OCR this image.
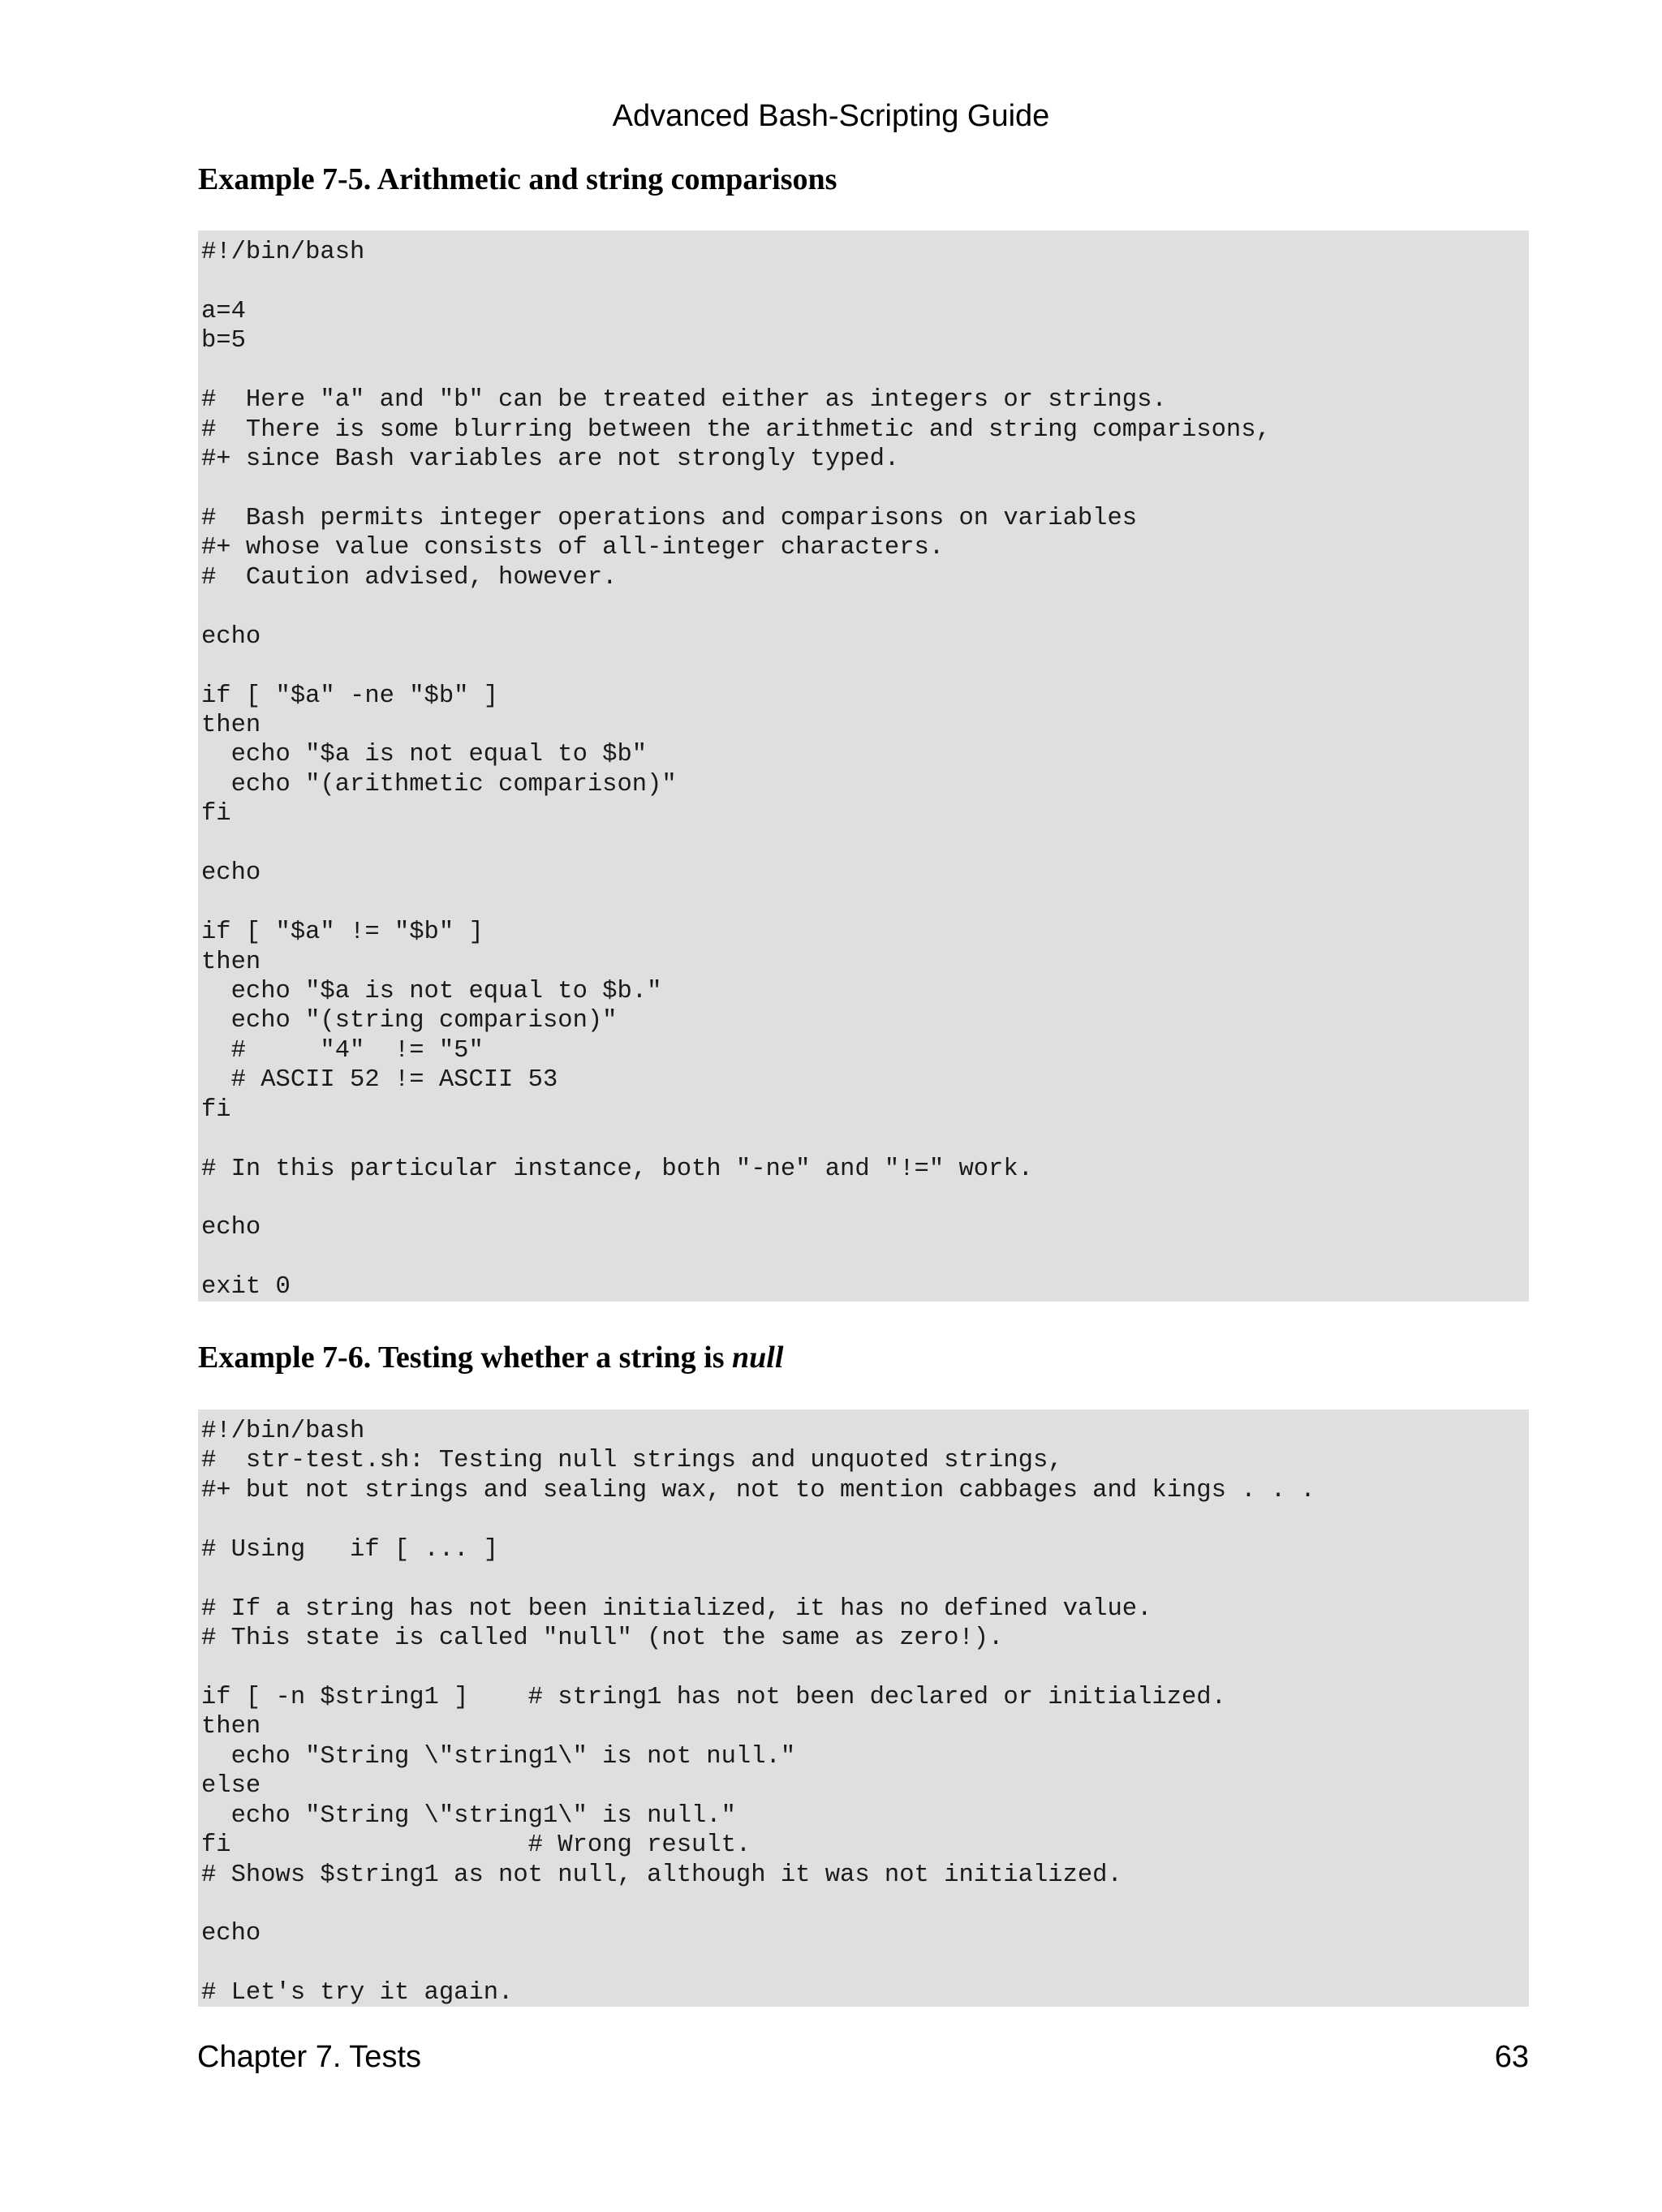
Advanced Bash-Scripting Guide
Example 7-5. Arithmetic and string comparisons
#!/bin/bash
a=4
b=5
#  Here "a" and "b" can be treated either as integers or strings.
#  There is some blurring between the arithmetic and string comparisons,
#+ since Bash variables are not strongly typed.
#  Bash permits integer operations and comparisons on variables
#+ whose value consists of all-integer characters.
#  Caution advised, however.
echo
if [ "$a" -ne "$b" ]
then
echo "$a is not equal to $b"
echo "(arithmetic comparison)"
fi
echo
if [ "$a" != "$b" ]
then
echo "$a is not equal to $b."
echo "(string comparison)"
#     "4"  != "5"
# ASCII 52 != ASCII 53
fi
# In this particular instance, both "-ne" and "!=" work.
echo
exit 0
Example 7-6. Testing whether a string is null
#!/bin/bash
#  str-test.sh: Testing null strings and unquoted strings,
#+ but not strings and sealing wax, not to mention cabbages and kings . . .
# Using   if [ ... ]
# If a string has not been initialized, it has no defined value.
# This state is called "null" (not the same as zero!).
if [ -n $string1 ]    # string1 has not been declared or initialized.
then
echo "String \"string1\" is not null."
else
echo "String \"string1\" is null."
fi                    # Wrong result.
# Shows $string1 as not null, although it was not initialized.
echo
# Let's try it again.
Chapter 7. Tests	63
